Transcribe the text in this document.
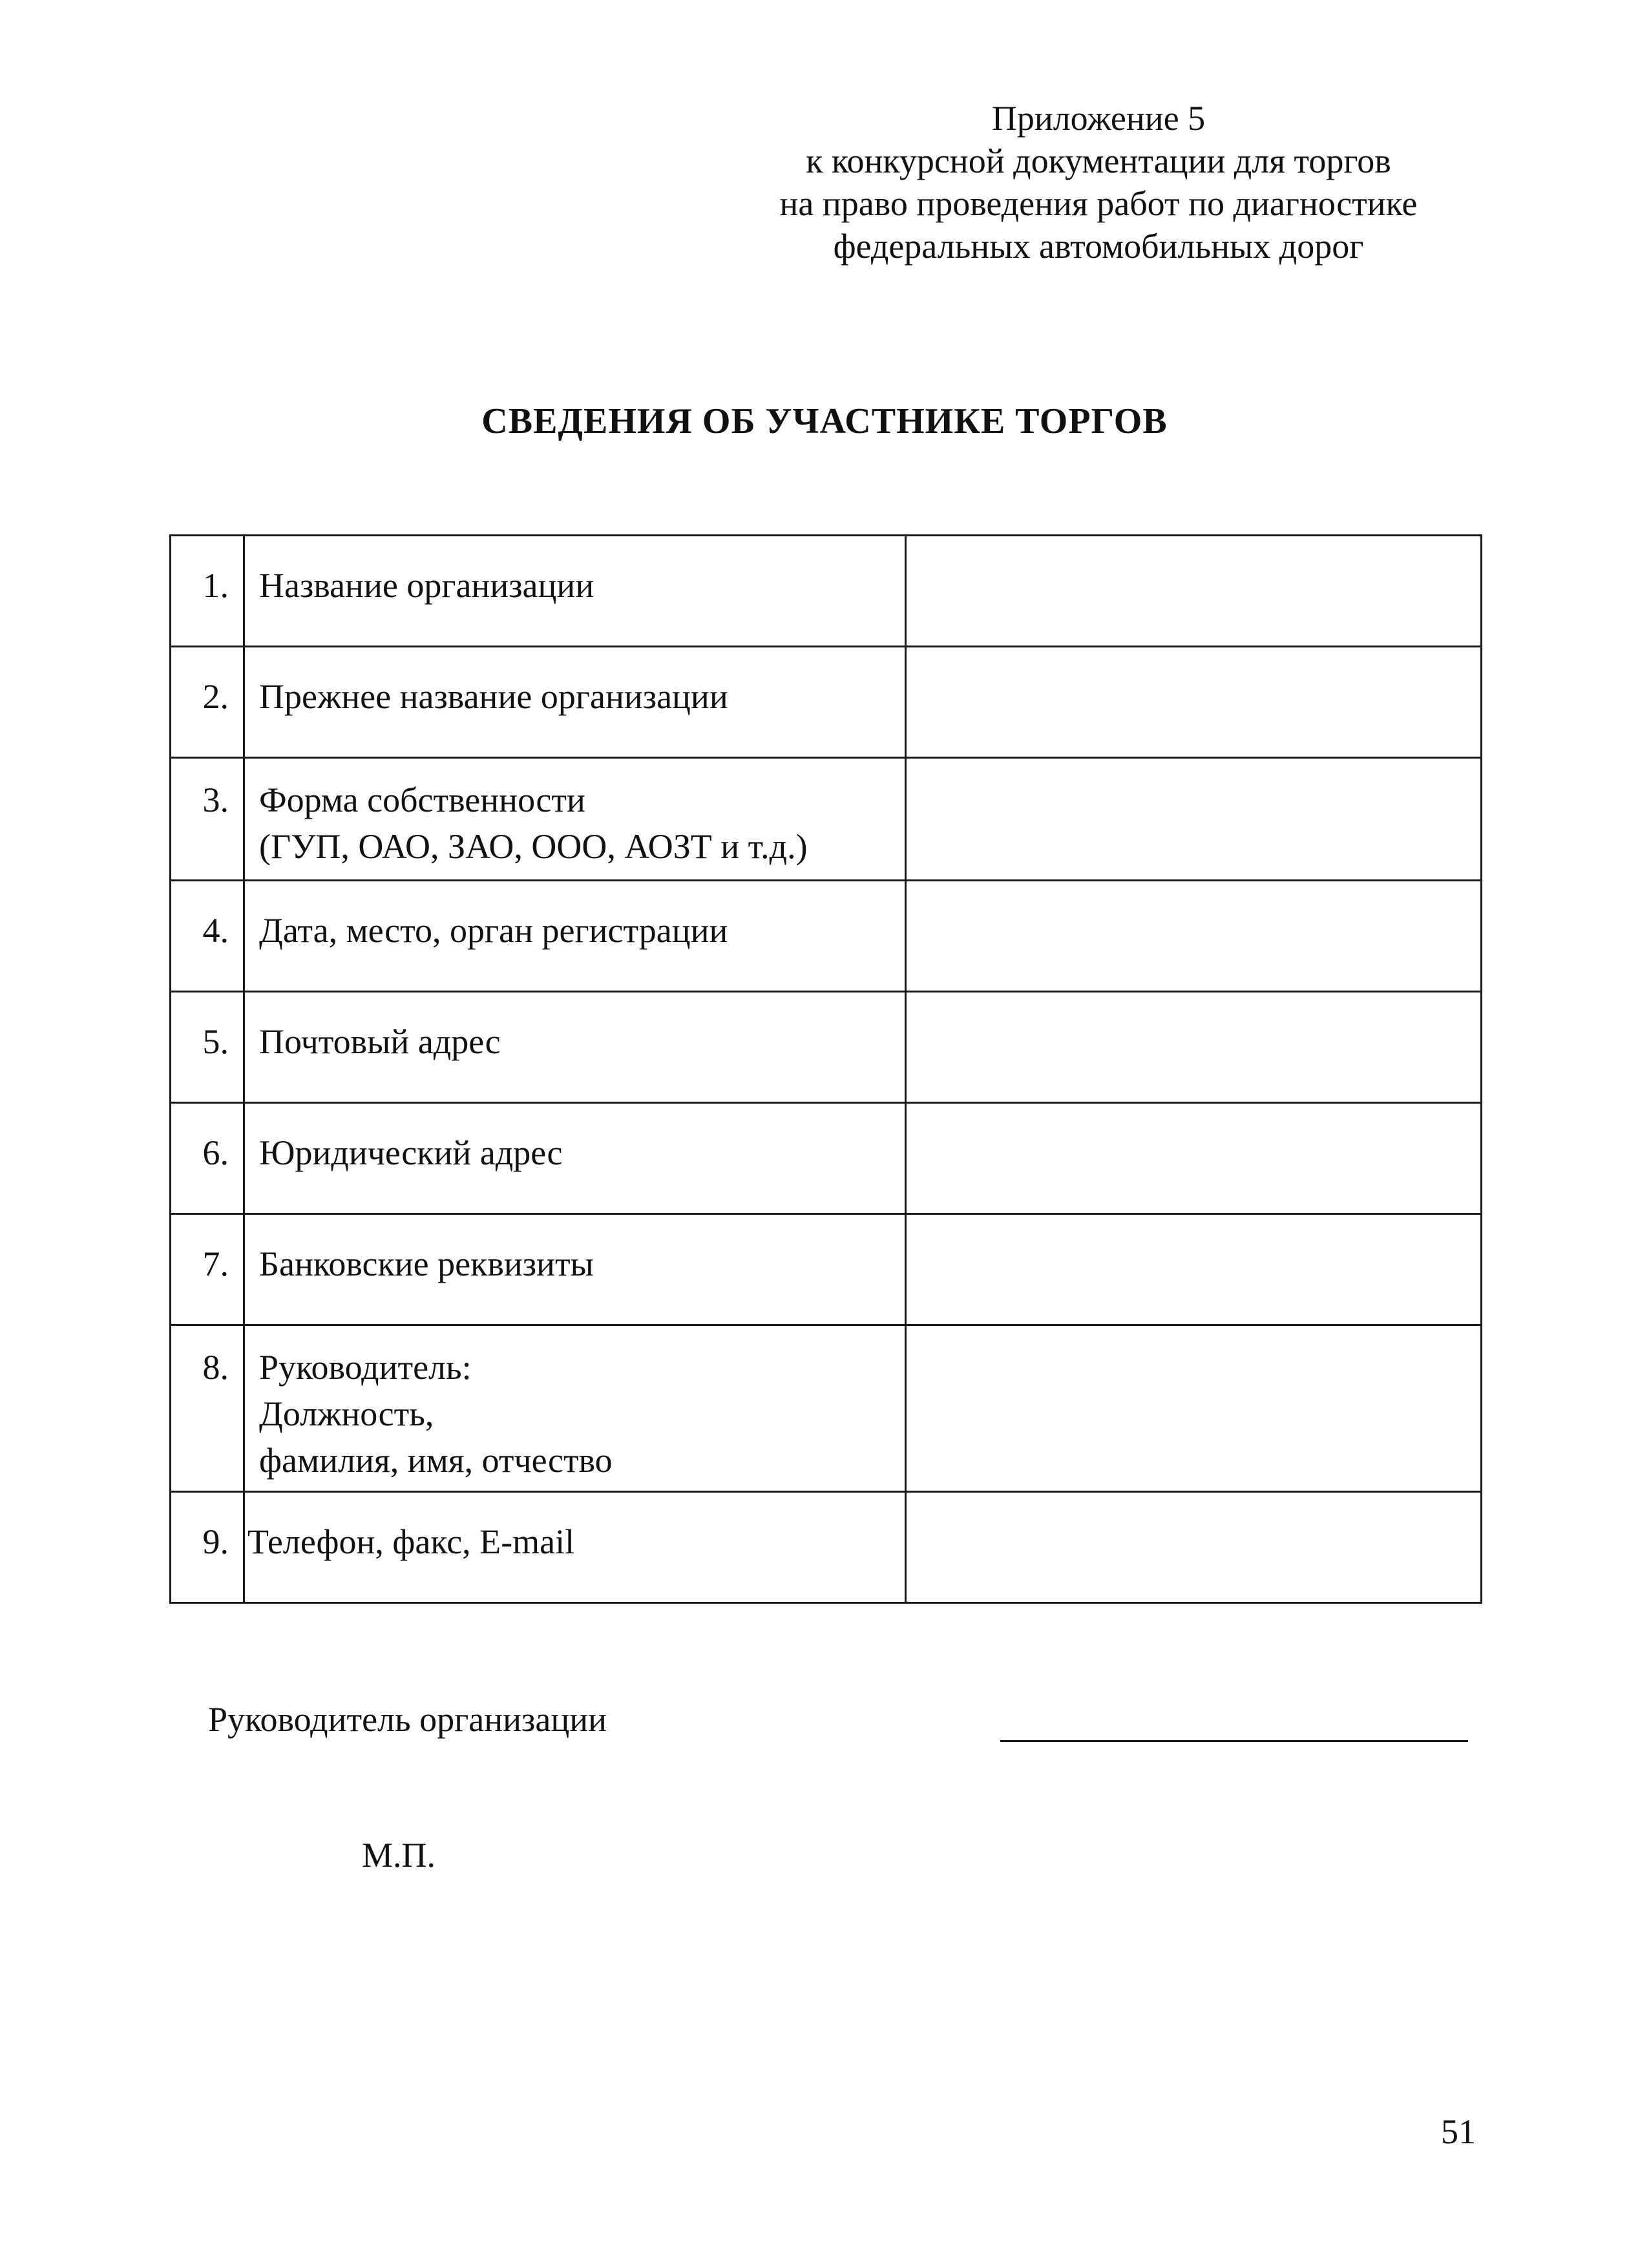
Приложение 5
к конкурсной документации для торгов
на право проведения работ по диагностике
федеральных автомобильных дорог
СВЕДЕНИЯ ОБ УЧАСТНИКЕ ТОРГОВ
1.	Название организации	

2.	Прежнее название организации	

3.	Форма собственности
(ГУП, ОАО, ЗАО, ООО, АОЗТ и т.д.)	

4.	Дата, место, орган регистрации	

5.	Почтовый адрес	

6.	Юридический адрес	

7.	Банковские реквизиты	

8.	Руководитель:
Должность,
фамилия, имя, отчество	

9.	Телефон, факс, E-mail	

Руководитель организации
М.П.
51
